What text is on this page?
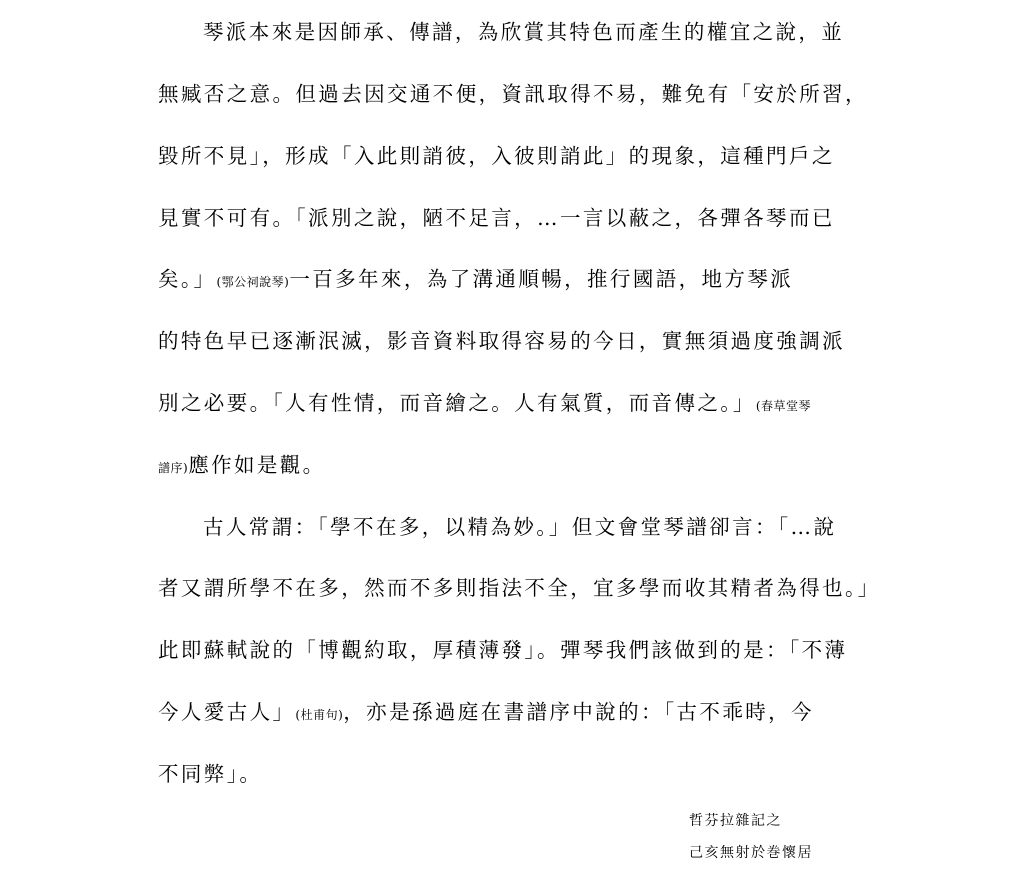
琴派本來是因師承、傳譜，為欣賞其特色而產生的權宜之說，並
無臧否之意。但過去因交通不便，資訊取得不易，難免有「安於所習，
毀所不見」，形成「入此則誚彼，入彼則誚此」的現象，這種門戶之
見實不可有。「派別之說，陋不足言，…一言以蔽之，各彈各琴而已
矣。」(鄂公祠說琴)一百多年來，為了溝通順暢，推行國語，地方琴派
的特色早已逐漸泯滅，影音資料取得容易的今日，實無須過度強調派
別之必要。「人有性情，而音繪之。人有氣質，而音傳之。」(春草堂琴
譜序)應作如是觀。
古人常謂：「學不在多，以精為妙。」但文會堂琴譜卻言：「…說
者又謂所學不在多，然而不多則指法不全，宜多學而收其精者為得也。」
此即蘇軾說的「博觀約取，厚積薄發」。彈琴我們該做到的是：「不薄
今人愛古人」(杜甫句)，亦是孫過庭在書譜序中說的：「古不乖時，今
不同弊」。
哲芬拉雜記之
己亥無射於巻懷居
